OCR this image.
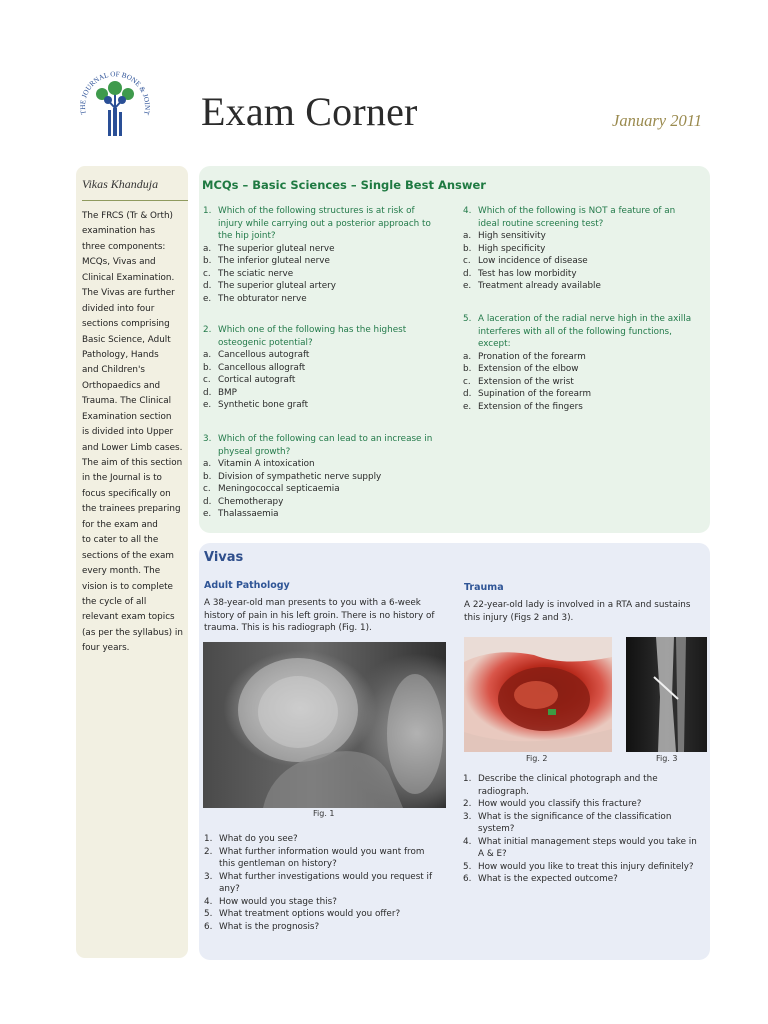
THE JOURNAL OF BONE & JOINT Exam Corner	January 2011
Vikas Khanduja
The FRCS (Tr & Orth)
examination has
three components:
MCQs, Vivas and
Clinical Examination.
The Vivas are further
divided into four
sections comprising
Basic Science, Adult
Pathology, Hands
and Children's
Orthopaedics and
Trauma. The Clinical
Examination section
is divided into Upper
and Lower Limb cases.
The aim of this section
in the Journal is to
focus specifically on
the trainees preparing
for the exam and
to cater to all the
sections of the exam
every month. The
vision is to complete
the cycle of all
relevant exam topics
(as per the syllabus) in
four years.
MCQs – Basic Sciences – Single Best Answer
1. Which of the following structures is at risk of
injury while carrying out a posterior approach to
the hip joint?
a. The superior gluteal nerve
b. The inferior gluteal nerve
c. The sciatic nerve
d. The superior gluteal artery
e. The obturator nerve
2. Which one of the following has the highest
osteogenic potential?
a. Cancellous autograft
b. Cancellous allograft
c. Cortical autograft
d. BMP
e. Synthetic bone graft
3. Which of the following can lead to an increase in
physeal growth?
a. Vitamin A intoxication
b. Division of sympathetic nerve supply
c. Meningococcal septicaemia
d. Chemotherapy
e. Thalassaemia
4. Which of the following is NOT a feature of an
ideal routine screening test?
a. High sensitivity
b. High specificity
c. Low incidence of disease
d. Test has low morbidity
e. Treatment already available
5. A laceration of the radial nerve high in the axilla
interferes with all of the following functions,
except:
a. Pronation of the forearm
b. Extension of the elbow
c. Extension of the wrist
d. Supination of the forearm
e. Extension of the fingers
Vivas
Adult Pathology
A 38-year-old man presents to you with a 6-week
history of pain in his left groin. There is no history of
trauma. This is his radiograph (Fig. 1).
Trauma
A 22-year-old lady is involved in a RTA and sustains
this injury (Figs 2 and 3).
Fig. 1
Fig. 2	Fig. 3
1. What do you see?
2. What further information would you want from
this gentleman on history?
3. What further investigations would you request if
any?
4. How would you stage this?
5. What treatment options would you offer?
6. What is the prognosis?
1. Describe the clinical photograph and the
radiograph.
2. How would you classify this fracture?
3. What is the significance of the classification
system?
4. What initial management steps would you take in
A & E?
5. How would you like to treat this injury definitely?
6. What is the expected outcome?
